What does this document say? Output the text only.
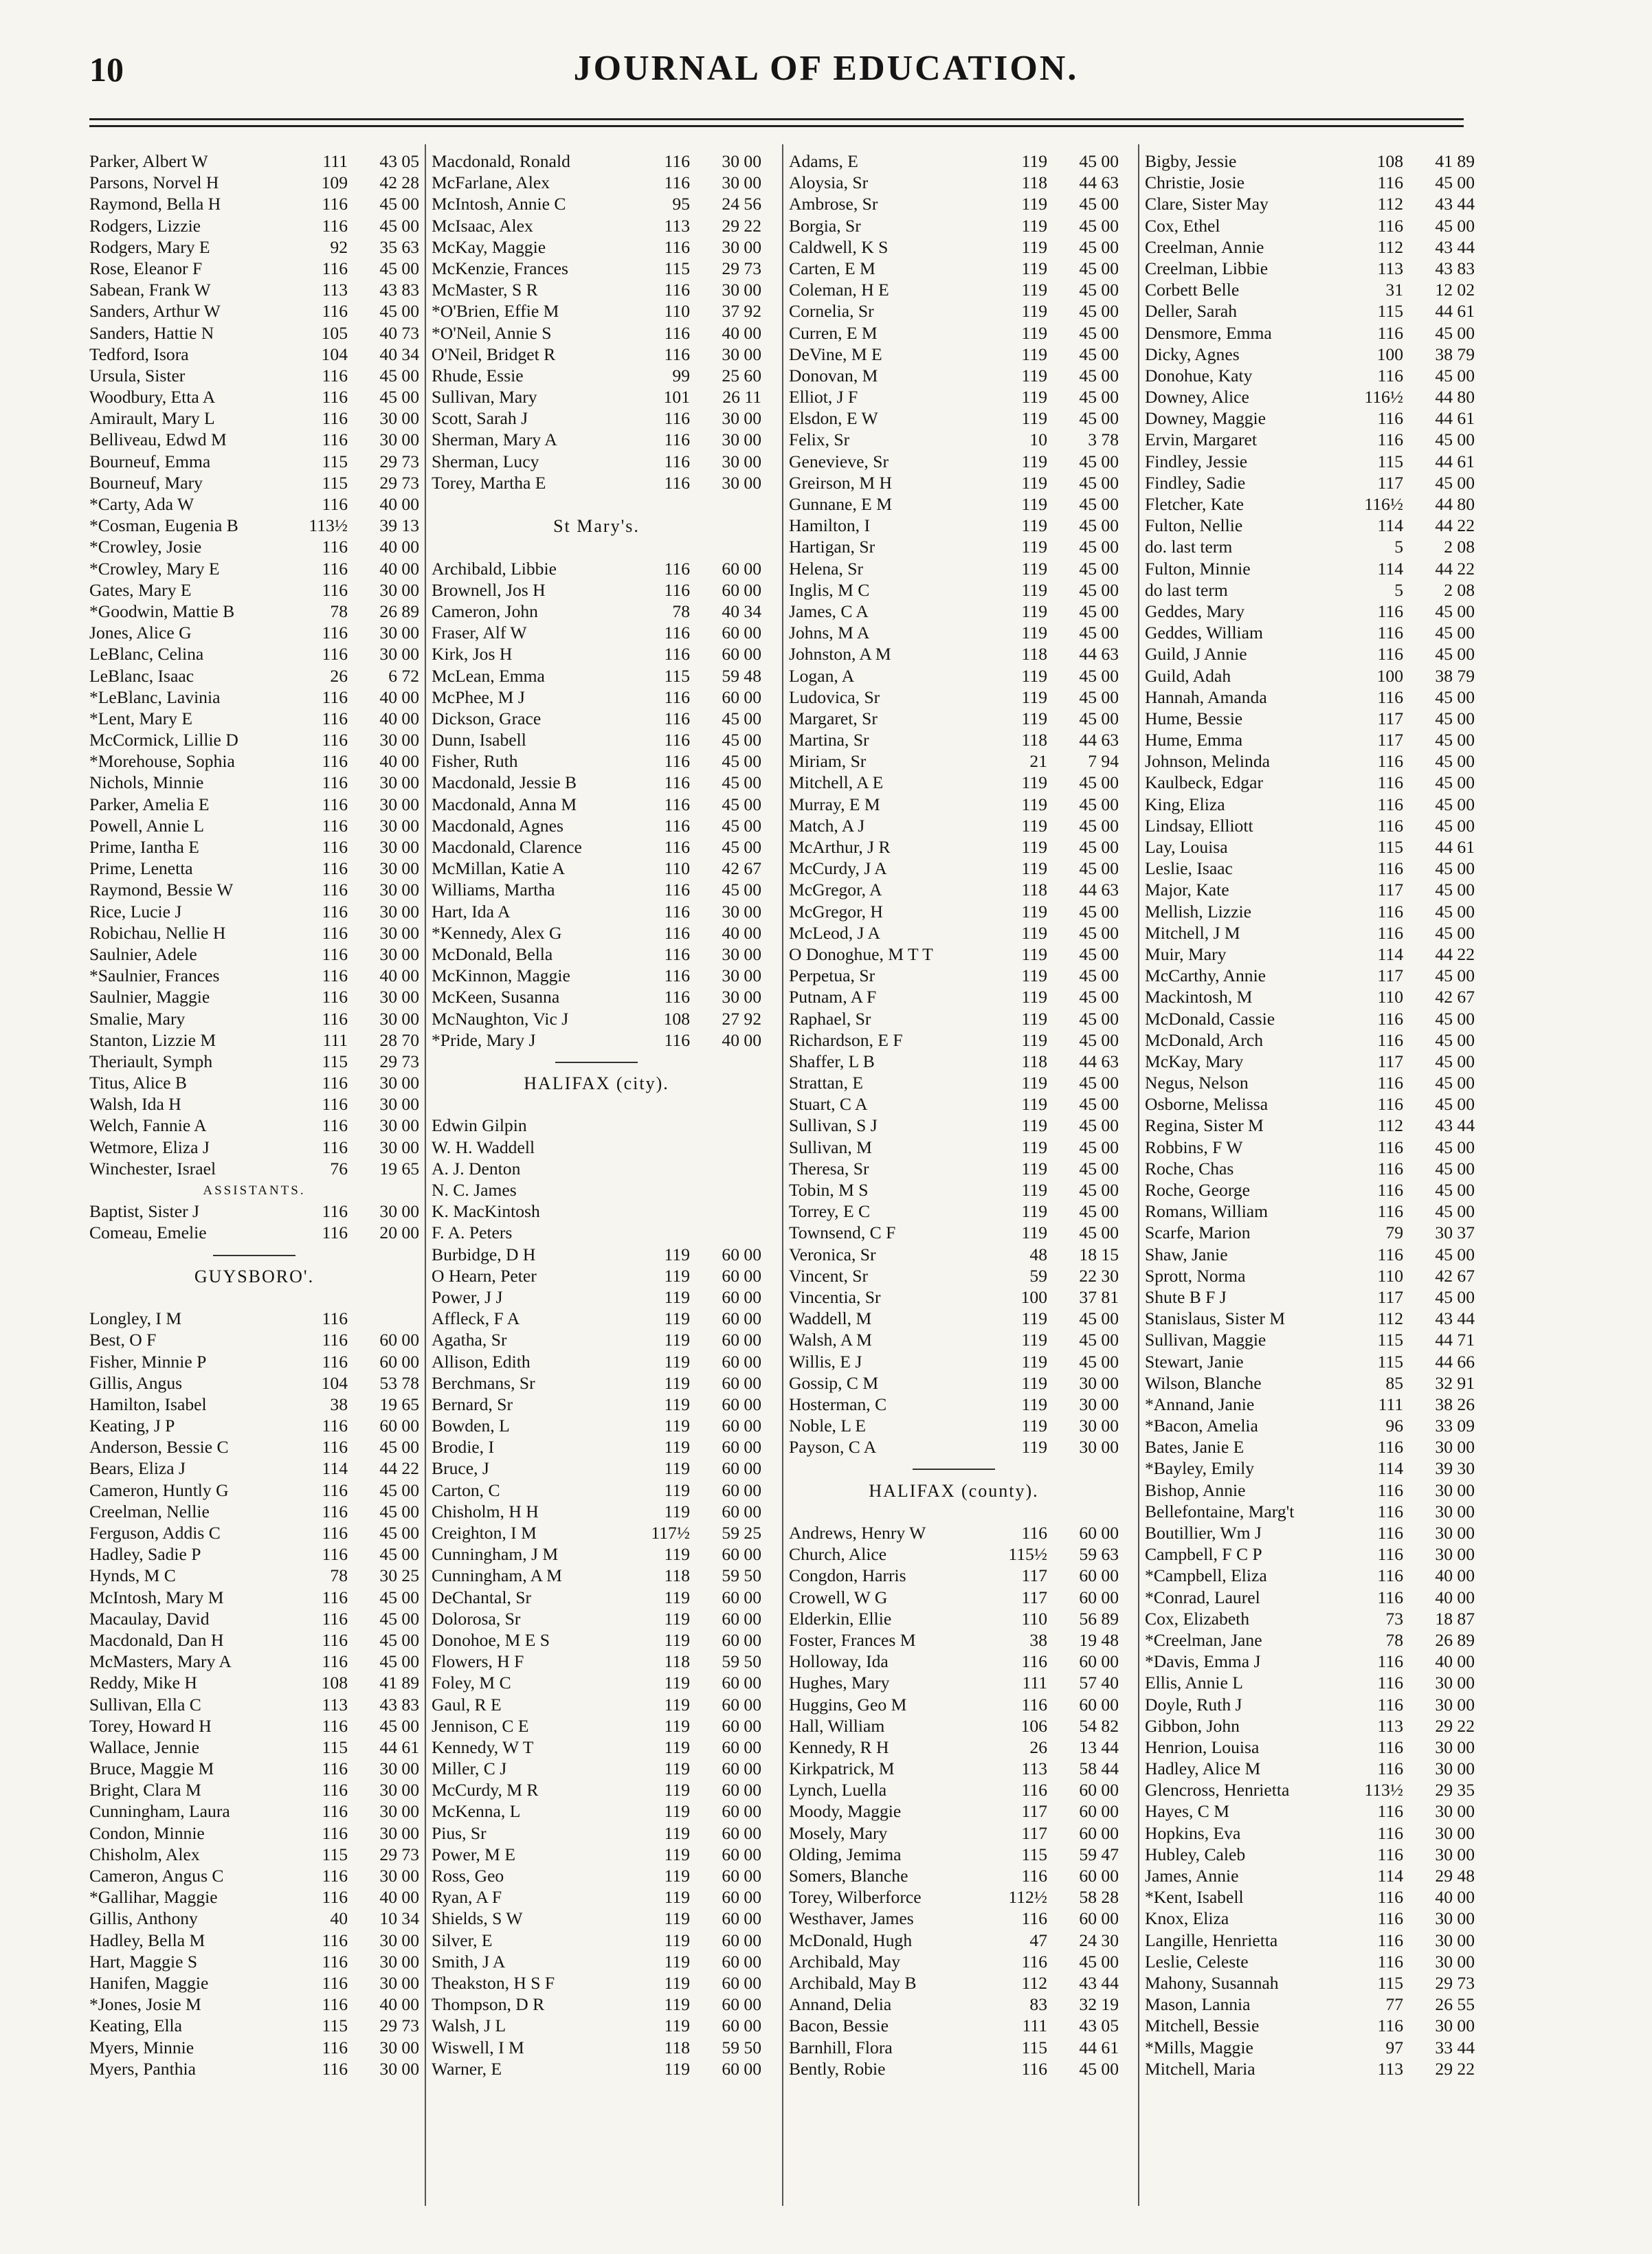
10	JOURNAL OF EDUCATION.
Parker, Albert W	111	43 05
Parsons, Norvel H	109	42 28
Raymond, Bella H	116	45 00
Rodgers, Lizzie	116	45 00
Rodgers, Mary E	92	35 63
Rose, Eleanor F	116	45 00
Sabean, Frank W	113	43 83
Sanders, Arthur W	116	45 00
Sanders, Hattie N	105	40 73
Tedford, Isora	104	40 34
Ursula, Sister	116	45 00
Woodbury, Etta A	116	45 00
Amirault, Mary L	116	30 00
Belliveau, Edwd M	116	30 00
Bourneuf, Emma	115	29 73
Bourneuf, Mary	115	29 73
*Carty, Ada W	116	40 00
*Cosman, Eugenia B	113½	39 13
*Crowley, Josie	116	40 00
*Crowley, Mary E	116	40 00
Gates, Mary E	116	30 00
*Goodwin, Mattie B	78	26 89
Jones, Alice G	116	30 00
LeBlanc, Celina	116	30 00
LeBlanc, Isaac	26	6 72
*LeBlanc, Lavinia	116	40 00
*Lent, Mary E	116	40 00
McCormick, Lillie D	116	30 00
*Morehouse, Sophia	116	40 00
Nichols, Minnie	116	30 00
Parker, Amelia E	116	30 00
Powell, Annie L	116	30 00
Prime, Iantha E	116	30 00
Prime, Lenetta	116	30 00
Raymond, Bessie W	116	30 00
Rice, Lucie J	116	30 00
Robichau, Nellie H	116	30 00
Saulnier, Adele	116	30 00
*Saulnier, Frances	116	40 00
Saulnier, Maggie	116	30 00
Smalie, Mary	116	30 00
Stanton, Lizzie M	111	28 70
Theriault, Symph	115	29 73
Titus, Alice B	116	30 00
Walsh, Ida H	116	30 00
Welch, Fannie A	116	30 00
Wetmore, Eliza J	116	30 00
Winchester, Israel	76	19 65
ASSISTANTS.
Baptist, Sister J	116	30 00
Comeau, Emelie	116	20 00
GUYSBORO'.
Longley, I M	116
Best, O F	116	60 00
Fisher, Minnie P	116	60 00
Gillis, Angus	104	53 78
Hamilton, Isabel	38	19 65
Keating, J P	116	60 00
Anderson, Bessie C	116	45 00
Bears, Eliza J	114	44 22
Cameron, Huntly G	116	45 00
Creelman, Nellie	116	45 00
Ferguson, Addis C	116	45 00
Hadley, Sadie P	116	45 00
Hynds, M C	78	30 25
McIntosh, Mary M	116	45 00
Macaulay, David	116	45 00
Macdonald, Dan H	116	45 00
McMasters, Mary A	116	45 00
Reddy, Mike H	108	41 89
Sullivan, Ella C	113	43 83
Torey, Howard H	116	45 00
Wallace, Jennie	115	44 61
Bruce, Maggie M	116	30 00
Bright, Clara M	116	30 00
Cunningham, Laura	116	30 00
Condon, Minnie	116	30 00
Chisholm, Alex	115	29 73
Cameron, Angus C	116	30 00
*Gallihar, Maggie	116	40 00
Gillis, Anthony	40	10 34
Hadley, Bella M	116	30 00
Hart, Maggie S	116	30 00
Hanifen, Maggie	116	30 00
*Jones, Josie M	116	40 00
Keating, Ella	115	29 73
Myers, Minnie	116	30 00
Myers, Panthia	116	30 00
Macdonald, Ronald	116	30 00
McFarlane, Alex	116	30 00
McIntosh, Annie C	95	24 56
McIsaac, Alex	113	29 22
McKay, Maggie	116	30 00
McKenzie, Frances	115	29 73
McMaster, S R	116	30 00
*O'Brien, Effie M	110	37 92
*O'Neil, Annie S	116	40 00
O'Neil, Bridget R	116	30 00
Rhude, Essie	99	25 60
Sullivan, Mary	101	26 11
Scott, Sarah J	116	30 00
Sherman, Mary A	116	30 00
Sherman, Lucy	116	30 00
Torey, Martha E	116	30 00
St Mary's.
Archibald, Libbie	116	60 00
Brownell, Jos H	116	60 00
Cameron, John	78	40 34
Fraser, Alf W	116	60 00
Kirk, Jos H	116	60 00
McLean, Emma	115	59 48
McPhee, M J	116	60 00
Dickson, Grace	116	45 00
Dunn, Isabell	116	45 00
Fisher, Ruth	116	45 00
Macdonald, Jessie B	116	45 00
Macdonald, Anna M	116	45 00
Macdonald, Agnes	116	45 00
Macdonald, Clarence	116	45 00
McMillan, Katie A	110	42 67
Williams, Martha	116	45 00
Hart, Ida A	116	30 00
*Kennedy, Alex G	116	40 00
McDonald, Bella	116	30 00
McKinnon, Maggie	116	30 00
McKeen, Susanna	116	30 00
McNaughton, Vic J	108	27 92
*Pride, Mary J	116	40 00
HALIFAX (city).
Edwin Gilpin
W. H. Waddell
A. J. Denton
N. C. James
K. MacKintosh
F. A. Peters
Burbidge, D H	119	60 00
O Hearn, Peter	119	60 00
Power, J J	119	60 00
Affleck, F A	119	60 00
Agatha, Sr	119	60 00
Allison, Edith	119	60 00
Berchmans, Sr	119	60 00
Bernard, Sr	119	60 00
Bowden, L	119	60 00
Brodie, I	119	60 00
Bruce, J	119	60 00
Carton, C	119	60 00
Chisholm, H H	119	60 00
Creighton, I M	117½	59 25
Cunningham, J M	119	60 00
Cunningham, A M	118	59 50
DeChantal, Sr	119	60 00
Dolorosa, Sr	119	60 00
Donohoe, M E S	119	60 00
Flowers, H F	118	59 50
Foley, M C	119	60 00
Gaul, R E	119	60 00
Jennison, C E	119	60 00
Kennedy, W T	119	60 00
Miller, C J	119	60 00
McCurdy, M R	119	60 00
McKenna, L	119	60 00
Pius, Sr	119	60 00
Power, M E	119	60 00
Ross, Geo	119	60 00
Ryan, A F	119	60 00
Shields, S W	119	60 00
Silver, E	119	60 00
Smith, J A	119	60 00
Theakston, H S F	119	60 00
Thompson, D R	119	60 00
Walsh, J L	119	60 00
Wiswell, I M	118	59 50
Warner, E	119	60 00
Adams, E	119	45 00
Aloysia, Sr	118	44 63
Ambrose, Sr	119	45 00
Borgia, Sr	119	45 00
Caldwell, K S	119	45 00
Carten, E M	119	45 00
Coleman, H E	119	45 00
Cornelia, Sr	119	45 00
Curren, E M	119	45 00
DeVine, M E	119	45 00
Donovan, M	119	45 00
Elliot, J F	119	45 00
Elsdon, E W	119	45 00
Felix, Sr	10	3 78
Genevieve, Sr	119	45 00
Greirson, M H	119	45 00
Gunnane, E M	119	45 00
Hamilton, I	119	45 00
Hartigan, Sr	119	45 00
Helena, Sr	119	45 00
Inglis, M C	119	45 00
James, C A	119	45 00
Johns, M A	119	45 00
Johnston, A M	118	44 63
Logan, A	119	45 00
Ludovica, Sr	119	45 00
Margaret, Sr	119	45 00
Martina, Sr	118	44 63
Miriam, Sr	21	7 94
Mitchell, A E	119	45 00
Murray, E M	119	45 00
Match, A J	119	45 00
McArthur, J R	119	45 00
McCurdy, J A	119	45 00
McGregor, A	118	44 63
McGregor, H	119	45 00
McLeod, J A	119	45 00
O Donoghue, M T T	119	45 00
Perpetua, Sr	119	45 00
Putnam, A F	119	45 00
Raphael, Sr	119	45 00
Richardson, E F	119	45 00
Shaffer, L B	118	44 63
Strattan, E	119	45 00
Stuart, C A	119	45 00
Sullivan, S J	119	45 00
Sullivan, M	119	45 00
Theresa, Sr	119	45 00
Tobin, M S	119	45 00
Torrey, E C	119	45 00
Townsend, C F	119	45 00
Veronica, Sr	48	18 15
Vincent, Sr	59	22 30
Vincentia, Sr	100	37 81
Waddell, M	119	45 00
Walsh, A M	119	45 00
Willis, E J	119	45 00
Gossip, C M	119	30 00
Hosterman, C	119	30 00
Noble, L E	119	30 00
Payson, C A	119	30 00
HALIFAX (county).
Andrews, Henry W	116	60 00
Church, Alice	115½	59 63
Congdon, Harris	117	60 00
Crowell, W G	117	60 00
Elderkin, Ellie	110	56 89
Foster, Frances M	38	19 48
Holloway, Ida	116	60 00
Hughes, Mary	111	57 40
Huggins, Geo M	116	60 00
Hall, William	106	54 82
Kennedy, R H	26	13 44
Kirkpatrick, M	113	58 44
Lynch, Luella	116	60 00
Moody, Maggie	117	60 00
Mosely, Mary	117	60 00
Olding, Jemima	115	59 47
Somers, Blanche	116	60 00
Torey, Wilberforce	112½	58 28
Westhaver, James	116	60 00
McDonald, Hugh	47	24 30
Archibald, May	116	45 00
Archibald, May B	112	43 44
Annand, Delia	83	32 19
Bacon, Bessie	111	43 05
Barnhill, Flora	115	44 61
Bently, Robie	116	45 00
Bigby, Jessie	108	41 89
Christie, Josie	116	45 00
Clare, Sister May	112	43 44
Cox, Ethel	116	45 00
Creelman, Annie	112	43 44
Creelman, Libbie	113	43 83
Corbett Belle	31	12 02
Deller, Sarah	115	44 61
Densmore, Emma	116	45 00
Dicky, Agnes	100	38 79
Donohue, Katy	116	45 00
Downey, Alice	116½	44 80
Downey, Maggie	116	44 61
Ervin, Margaret	116	45 00
Findley, Jessie	115	44 61
Findley, Sadie	117	45 00
Fletcher, Kate	116½	44 80
Fulton, Nellie	114	44 22
do. last term	5	2 08
Fulton, Minnie	114	44 22
do last term	5	2 08
Geddes, Mary	116	45 00
Geddes, William	116	45 00
Guild, J Annie	116	45 00
Guild, Adah	100	38 79
Hannah, Amanda	116	45 00
Hume, Bessie	117	45 00
Hume, Emma	117	45 00
Johnson, Melinda	116	45 00
Kaulbeck, Edgar	116	45 00
King, Eliza	116	45 00
Lindsay, Elliott	116	45 00
Lay, Louisa	115	44 61
Leslie, Isaac	116	45 00
Major, Kate	117	45 00
Mellish, Lizzie	116	45 00
Mitchell, J M	116	45 00
Muir, Mary	114	44 22
McCarthy, Annie	117	45 00
Mackintosh, M	110	42 67
McDonald, Cassie	116	45 00
McDonald, Arch	116	45 00
McKay, Mary	117	45 00
Negus, Nelson	116	45 00
Osborne, Melissa	116	45 00
Regina, Sister M	112	43 44
Robbins, F W	116	45 00
Roche, Chas	116	45 00
Roche, George	116	45 00
Romans, William	116	45 00
Scarfe, Marion	79	30 37
Shaw, Janie	116	45 00
Sprott, Norma	110	42 67
Shute B F J	117	45 00
Stanislaus, Sister M	112	43 44
Sullivan, Maggie	115	44 71
Stewart, Janie	115	44 66
Wilson, Blanche	85	32 91
*Annand, Janie	111	38 26
*Bacon, Amelia	96	33 09
Bates, Janie E	116	30 00
*Bayley, Emily	114	39 30
Bishop, Annie	116	30 00
Bellefontaine, Marg't	116	30 00
Boutillier, Wm J	116	30 00
Campbell, F C P	116	30 00
*Campbell, Eliza	116	40 00
*Conrad, Laurel	116	40 00
Cox, Elizabeth	73	18 87
*Creelman, Jane	78	26 89
*Davis, Emma J	116	40 00
Ellis, Annie L	116	30 00
Doyle, Ruth J	116	30 00
Gibbon, John	113	29 22
Henrion, Louisa	116	30 00
Hadley, Alice M	116	30 00
Glencross, Henrietta	113½	29 35
Hayes, C M	116	30 00
Hopkins, Eva	116	30 00
Hubley, Caleb	116	30 00
James, Annie	114	29 48
*Kent, Isabell	116	40 00
Knox, Eliza	116	30 00
Langille, Henrietta	116	30 00
Leslie, Celeste	116	30 00
Mahony, Susannah	115	29 73
Mason, Lannia	77	26 55
Mitchell, Bessie	116	30 00
*Mills, Maggie	97	33 44
Mitchell, Maria	113	29 22
